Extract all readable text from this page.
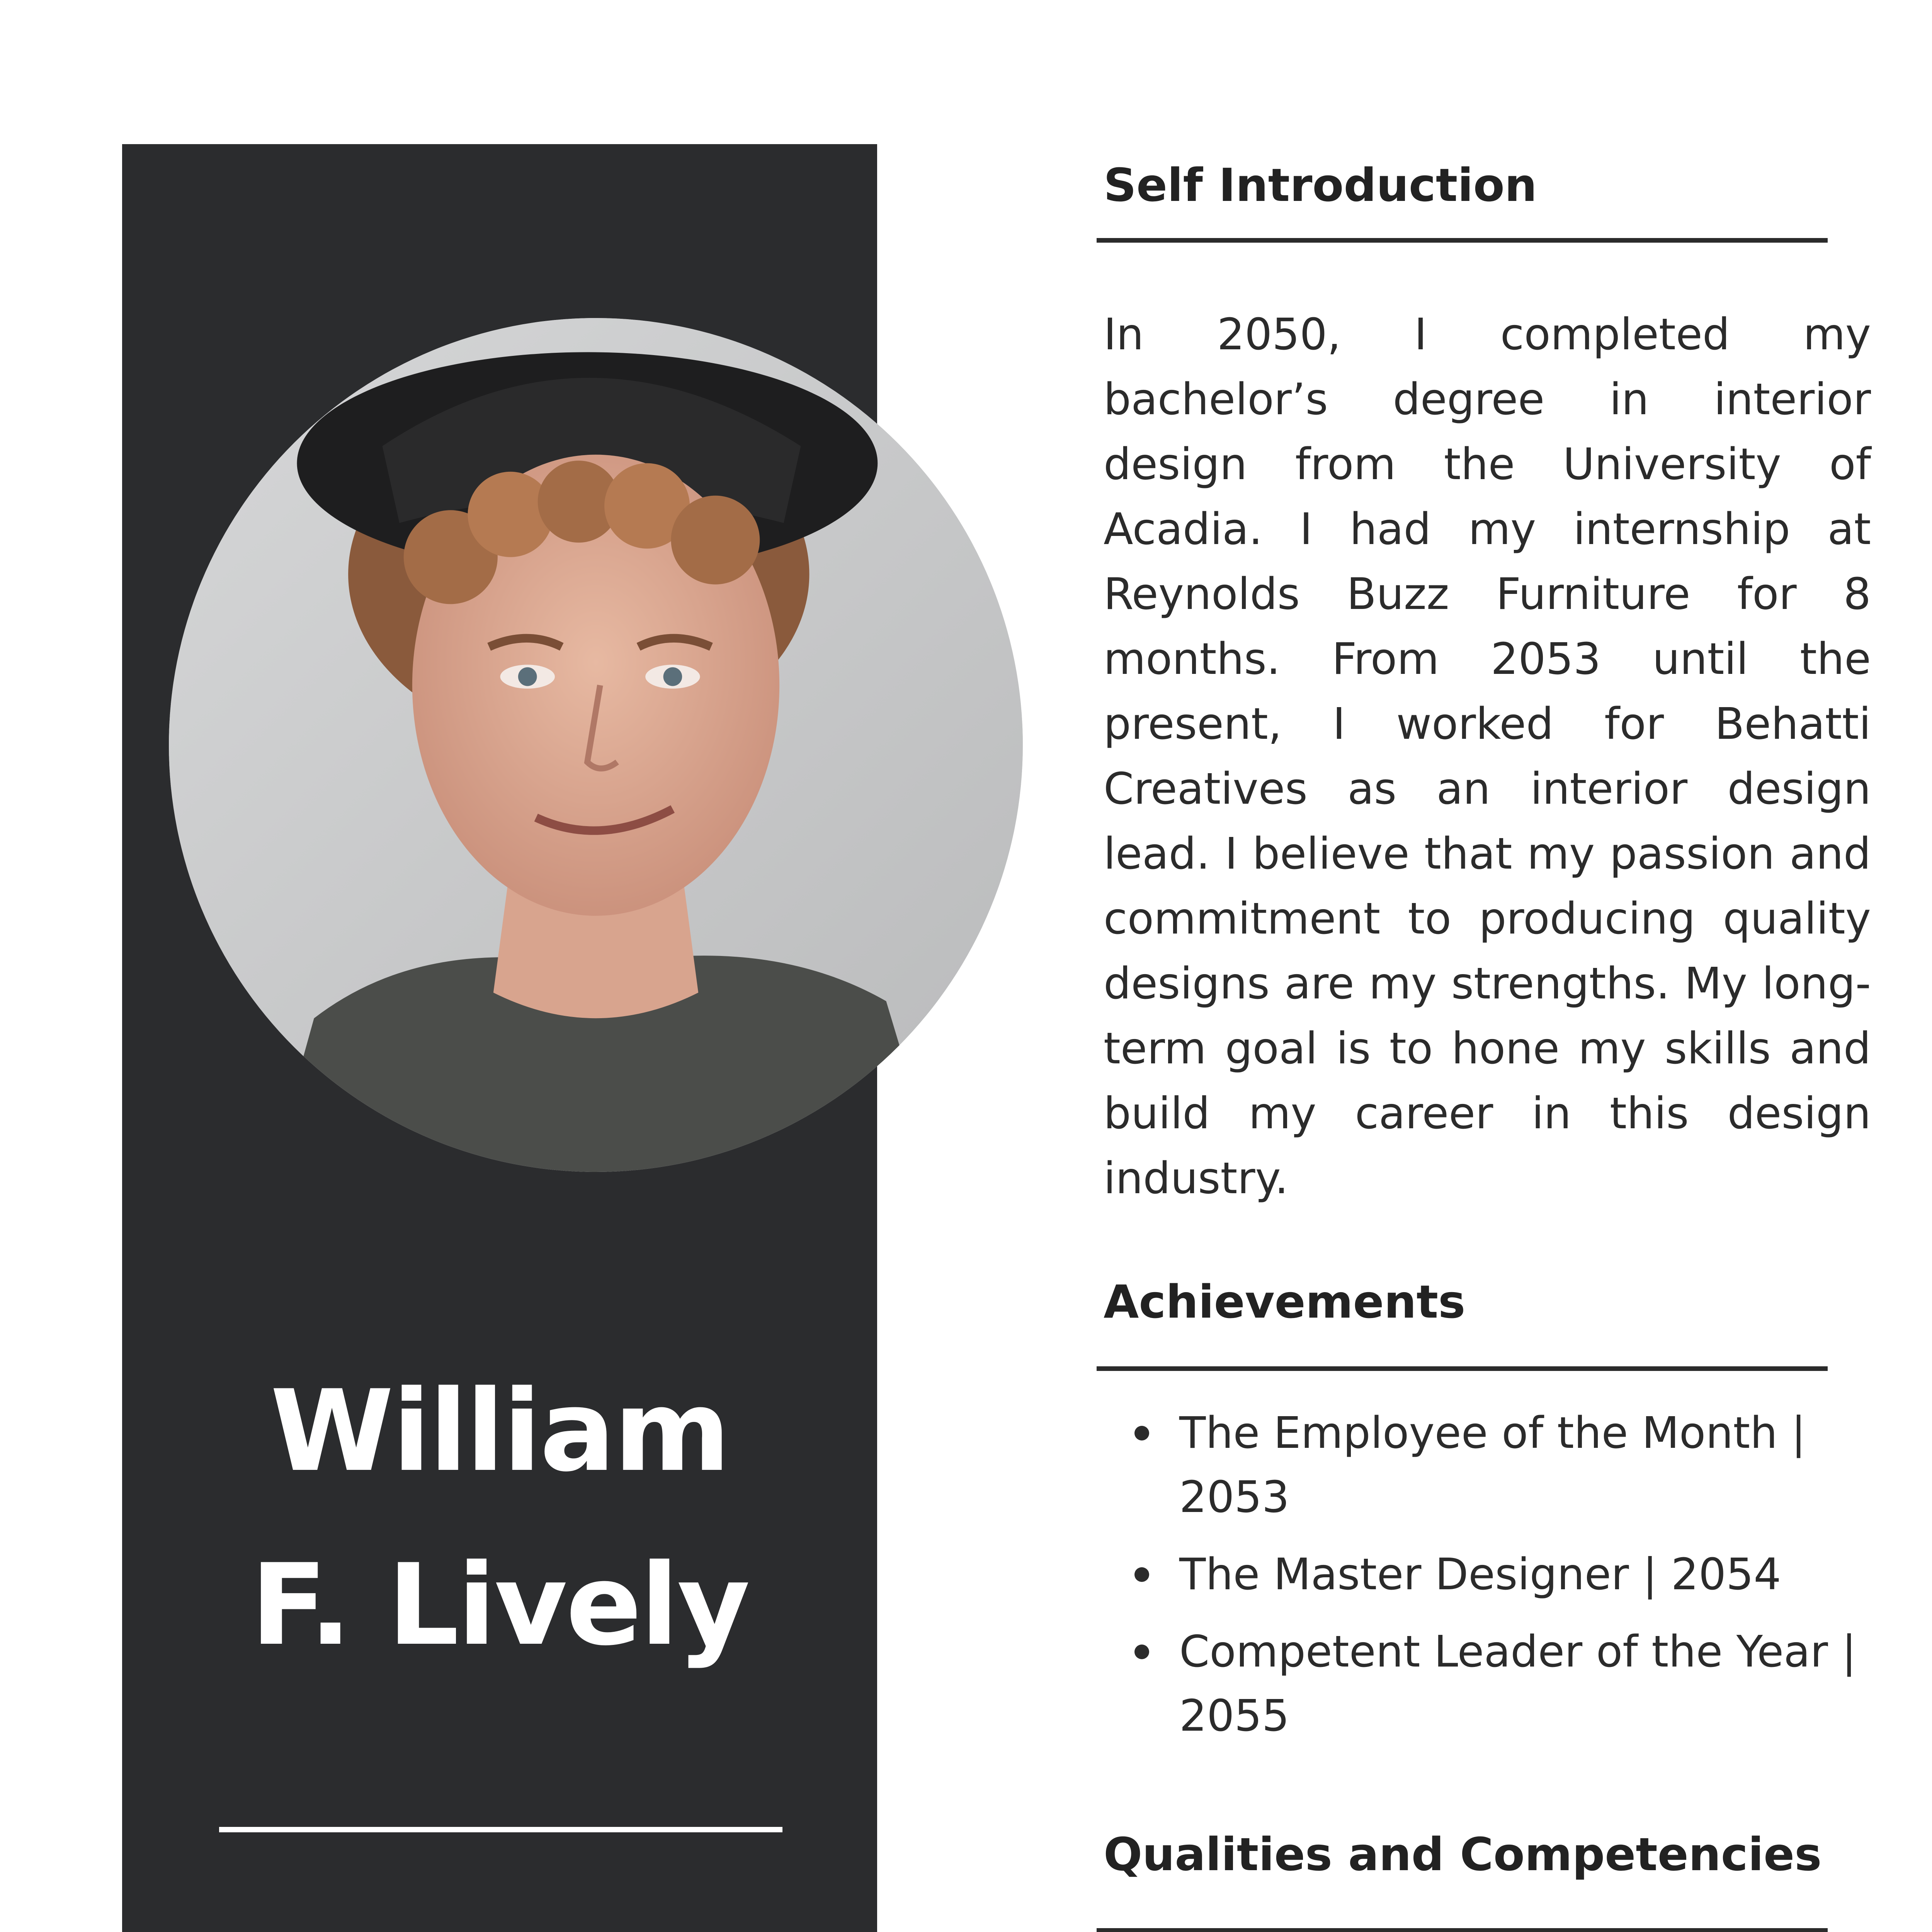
William
F. Lively
Self Introduction

In 2050, I completed my bachelor’s degree in interior design from the University of Acadia. I had my internship at Reynolds Buzz Furniture for 8 months. From 2053 until the present, I worked for Behatti Creatives as an interior design lead. I believe that my passion and commitment to producing quality designs are my strengths. My long-term goal is to hone my skills and build my career in this design industry.

Achievements
The Employee of the Month | 2053
The Master Designer | 2054
Competent Leader of the Year | 2055
Qualities and Competencies
